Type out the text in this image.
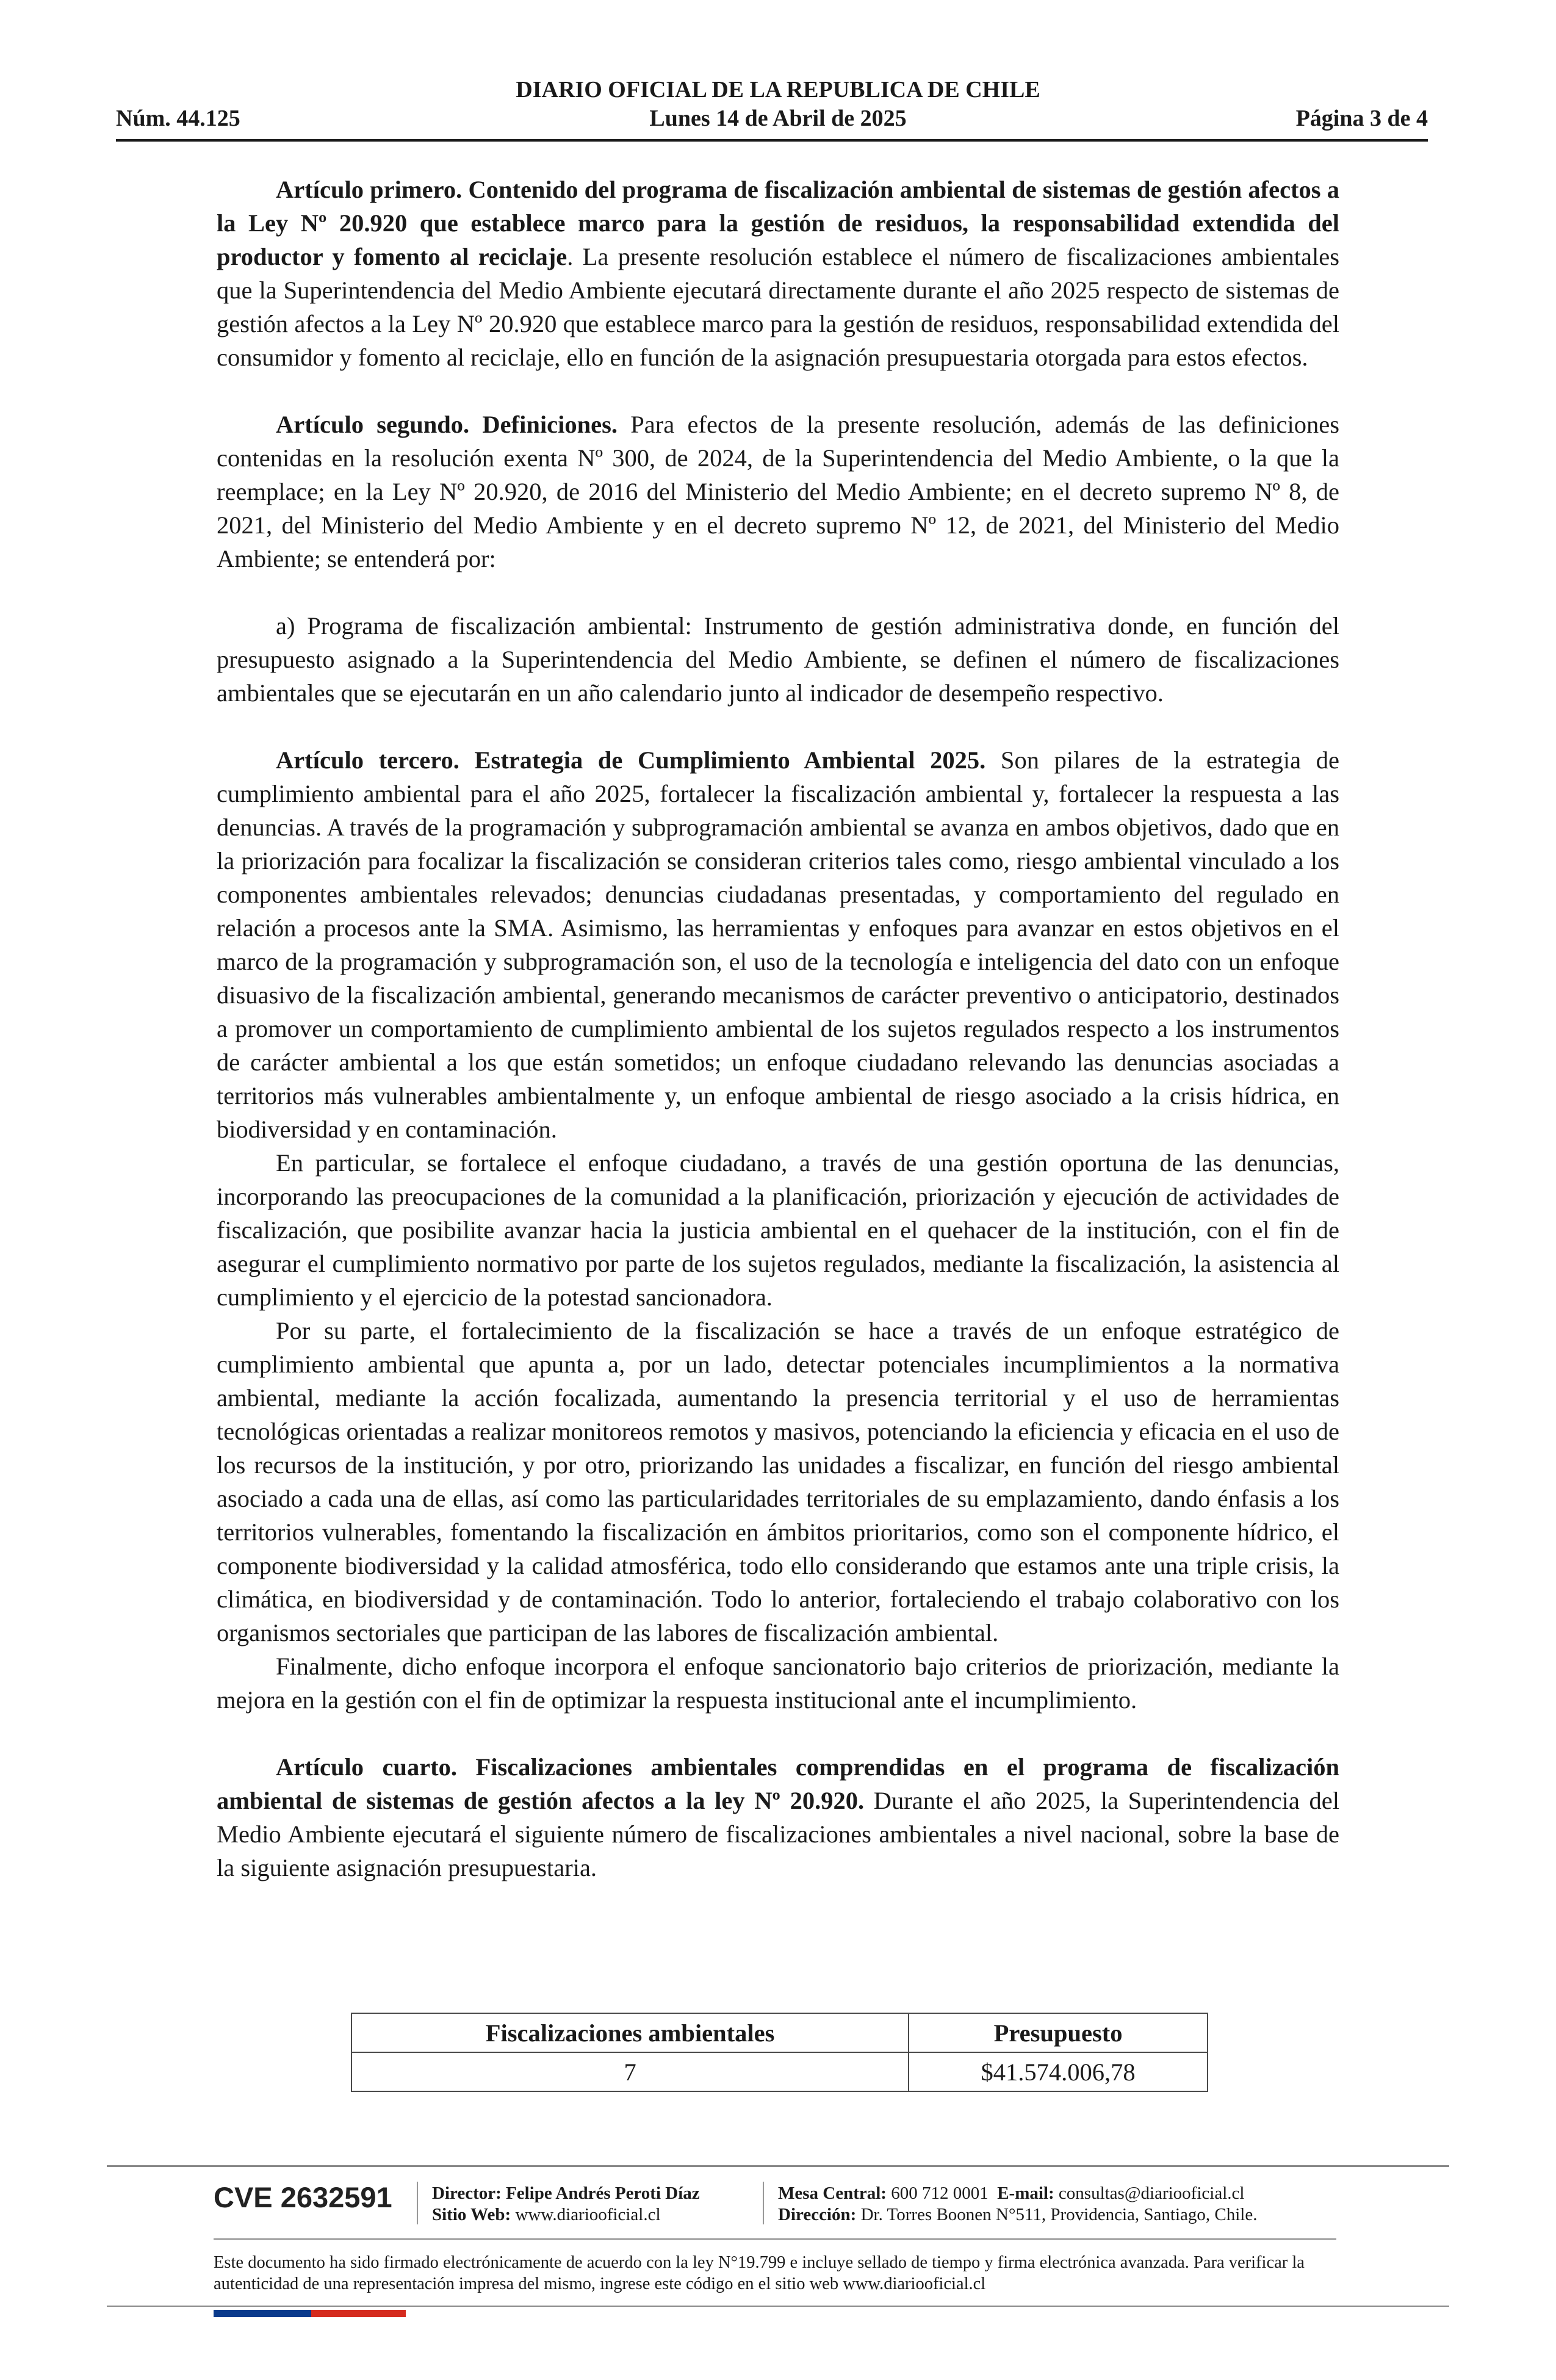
DIARIO OFICIAL DE LA REPUBLICA DE CHILE
Núm. 44.125	Lunes 14 de Abril de 2025	Página 3 de 4

Artículo primero. Contenido del programa de fiscalización ambiental de sistemas de gestión afectos a la Ley Nº 20.920 que establece marco para la gestión de residuos, la responsabilidad extendida del productor y fomento al reciclaje. La presente resolución establece el número de fiscalizaciones ambientales que la Superintendencia del Medio Ambiente ejecutará directamente durante el año 2025 respecto de sistemas de gestión afectos a la Ley Nº 20.920 que establece marco para la gestión de residuos, responsabilidad extendida del consumidor y fomento al reciclaje, ello en función de la asignación presupuestaria otorgada para estos efectos.

Artículo segundo. Definiciones. Para efectos de la presente resolución, además de las definiciones contenidas en la resolución exenta Nº 300, de 2024, de la Superintendencia del Medio Ambiente, o la que la reemplace; en la Ley Nº 20.920, de 2016 del Ministerio del Medio Ambiente; en el decreto supremo Nº 8, de 2021, del Ministerio del Medio Ambiente y en el decreto supremo Nº 12, de 2021, del Ministerio del Medio Ambiente; se entenderá por:

a) Programa de fiscalización ambiental: Instrumento de gestión administrativa donde, en función del presupuesto asignado a la Superintendencia del Medio Ambiente, se definen el número de fiscalizaciones ambientales que se ejecutarán en un año calendario junto al indicador de desempeño respectivo.

Artículo tercero. Estrategia de Cumplimiento Ambiental 2025. Son pilares de la estrategia de cumplimiento ambiental para el año 2025, fortalecer la fiscalización ambiental y, fortalecer la respuesta a las denuncias. A través de la programación y subprogramación ambiental se avanza en ambos objetivos, dado que en la priorización para focalizar la fiscalización se consideran criterios tales como, riesgo ambiental vinculado a los componentes ambientales relevados; denuncias ciudadanas presentadas, y comportamiento del regulado en relación a procesos ante la SMA. Asimismo, las herramientas y enfoques para avanzar en estos objetivos en el marco de la programación y subprogramación son, el uso de la tecnología e inteligencia del dato con un enfoque disuasivo de la fiscalización ambiental, generando mecanismos de carácter preventivo o anticipatorio, destinados a promover un comportamiento de cumplimiento ambiental de los sujetos regulados respecto a los instrumentos de carácter ambiental a los que están sometidos; un enfoque ciudadano relevando las denuncias asociadas a territorios más vulnerables ambientalmente y, un enfoque ambiental de riesgo asociado a la crisis hídrica, en biodiversidad y en contaminación.

En particular, se fortalece el enfoque ciudadano, a través de una gestión oportuna de las denuncias, incorporando las preocupaciones de la comunidad a la planificación, priorización y ejecución de actividades de fiscalización, que posibilite avanzar hacia la justicia ambiental en el quehacer de la institución, con el fin de asegurar el cumplimiento normativo por parte de los sujetos regulados, mediante la fiscalización, la asistencia al cumplimiento y el ejercicio de la potestad sancionadora.

Por su parte, el fortalecimiento de la fiscalización se hace a través de un enfoque estratégico de cumplimiento ambiental que apunta a, por un lado, detectar potenciales incumplimientos a la normativa ambiental, mediante la acción focalizada, aumentando la presencia territorial y el uso de herramientas tecnológicas orientadas a realizar monitoreos remotos y masivos, potenciando la eficiencia y eficacia en el uso de los recursos de la institución, y por otro, priorizando las unidades a fiscalizar, en función del riesgo ambiental asociado a cada una de ellas, así como las particularidades territoriales de su emplazamiento, dando énfasis a los territorios vulnerables, fomentando la fiscalización en ámbitos prioritarios, como son el componente hídrico, el componente biodiversidad y la calidad atmosférica, todo ello considerando que estamos ante una triple crisis, la climática, en biodiversidad y de contaminación. Todo lo anterior, fortaleciendo el trabajo colaborativo con los organismos sectoriales que participan de las labores de fiscalización ambiental.

Finalmente, dicho enfoque incorpora el enfoque sancionatorio bajo criterios de priorización, mediante la mejora en la gestión con el fin de optimizar la respuesta institucional ante el incumplimiento.

Artículo cuarto. Fiscalizaciones ambientales comprendidas en el programa de fiscalización ambiental de sistemas de gestión afectos a la ley Nº 20.920. Durante el año 2025, la Superintendencia del Medio Ambiente ejecutará el siguiente número de fiscalizaciones ambientales a nivel nacional, sobre la base de la siguiente asignación presupuestaria.

Fiscalizaciones ambientales	Presupuesto
7	$41.574.006,78
CVE 2632591 Director: Felipe Andrés Peroti Díaz
Sitio Web: www.diariooficial.cl
Mesa Central: 600 712 0001 E-mail: consultas@diariooficial.cl
Dirección: Dr. Torres Boonen N°511, Providencia, Santiago, Chile.
Este documento ha sido firmado electrónicamente de acuerdo con la ley N°19.799 e incluye sellado de tiempo y firma electrónica avanzada. Para verificar la autenticidad de una representación impresa del mismo, ingrese este código en el sitio web www.diariooficial.cl
